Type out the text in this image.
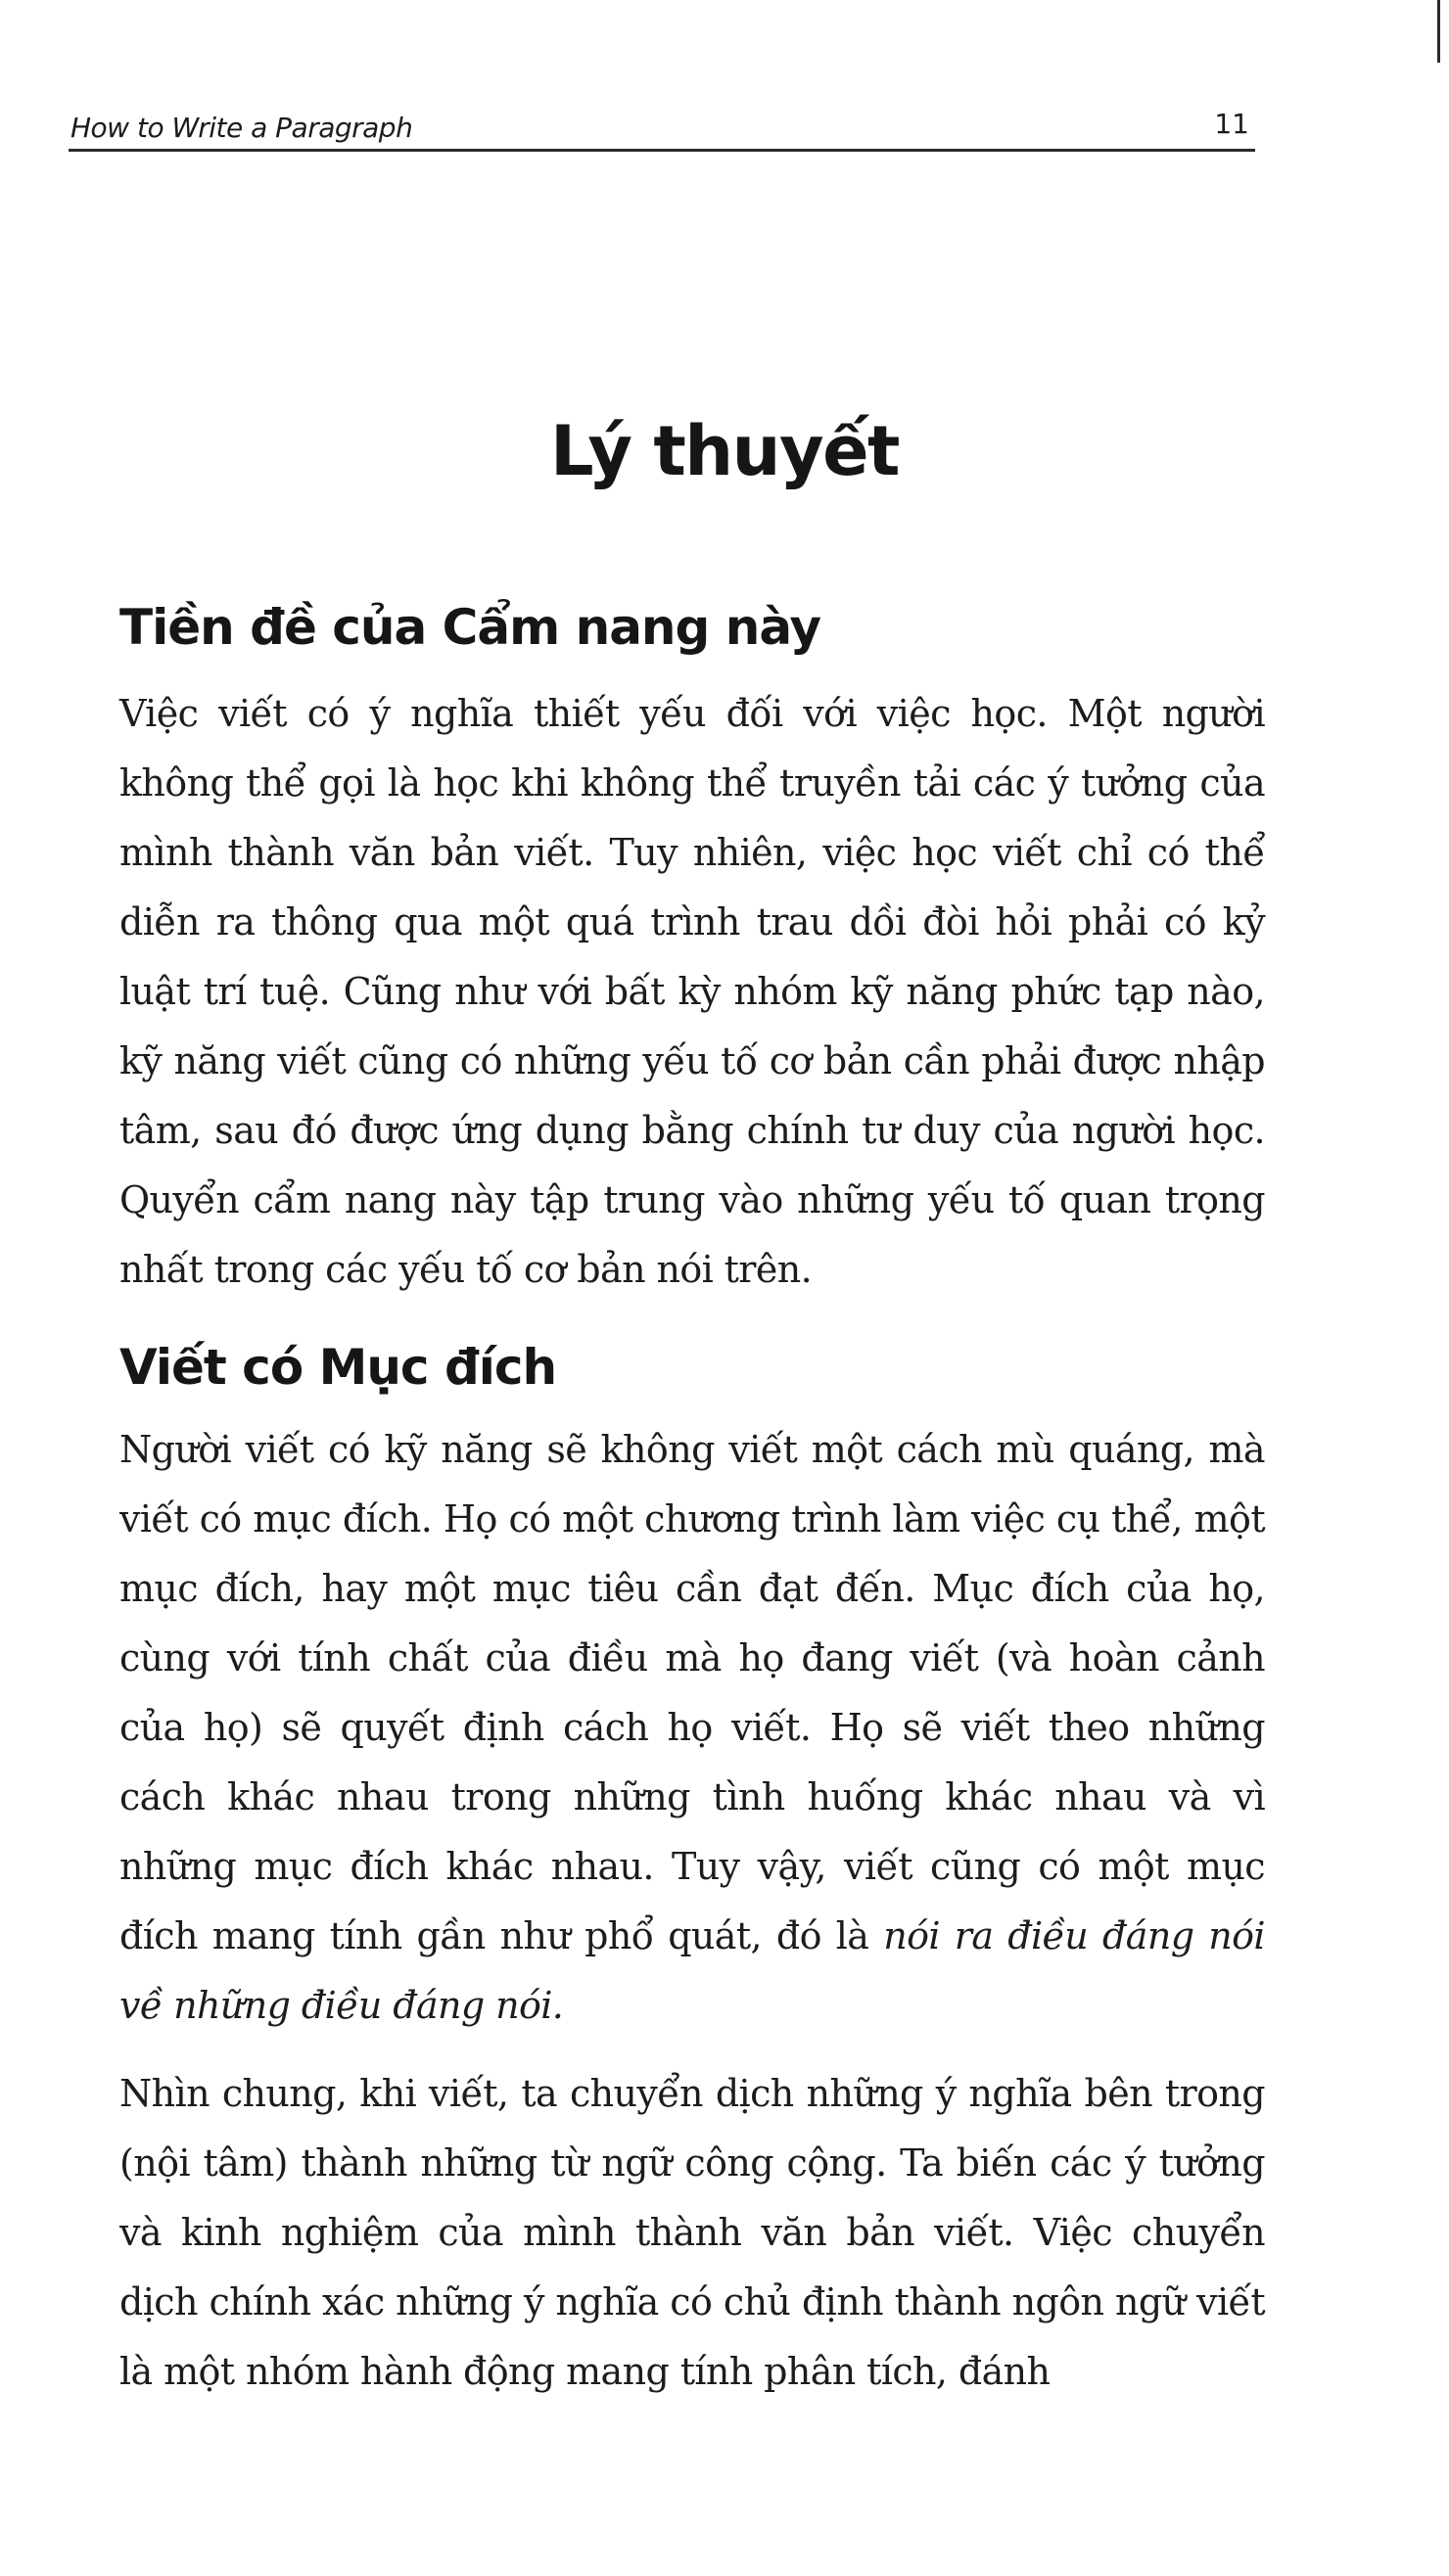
How to Write a Paragraph	11
Lý thuyết
Tiền đề của Cẩm nang này

Việc viết có ý nghĩa thiết yếu đối với việc học. Một người không thể gọi là học khi không thể truyền tải các ý tưởng của mình thành văn bản viết. Tuy nhiên, việc học viết chỉ có thể diễn ra thông qua một quá trình trau dồi đòi hỏi phải có kỷ luật trí tuệ. Cũng như với bất kỳ nhóm kỹ năng phức tạp nào, kỹ năng viết cũng có những yếu tố cơ bản cần phải được nhập tâm, sau đó được ứng dụng bằng chính tư duy của người học. Quyển cẩm nang này tập trung vào những yếu tố quan trọng nhất trong các yếu tố cơ bản nói trên.

Viết có Mục đích

Người viết có kỹ năng sẽ không viết một cách mù quáng, mà viết có mục đích. Họ có một chương trình làm việc cụ thể, một mục đích, hay một mục tiêu cần đạt đến. Mục đích của họ, cùng với tính chất của điều mà họ đang viết (và hoàn cảnh của họ) sẽ quyết định cách họ viết. Họ sẽ viết theo những cách khác nhau trong những tình huống khác nhau và vì những mục đích khác nhau. Tuy vậy, viết cũng có một mục đích mang tính gần như phổ quát, đó là nói ra điều đáng nói về những điều đáng nói.

Nhìn chung, khi viết, ta chuyển dịch những ý nghĩa bên trong (nội tâm) thành những từ ngữ công cộng. Ta biến các ý tưởng và kinh nghiệm của mình thành văn bản viết. Việc chuyển dịch chính xác những ý nghĩa có chủ định thành ngôn ngữ viết là một nhóm hành động mang tính phân tích, đánh
